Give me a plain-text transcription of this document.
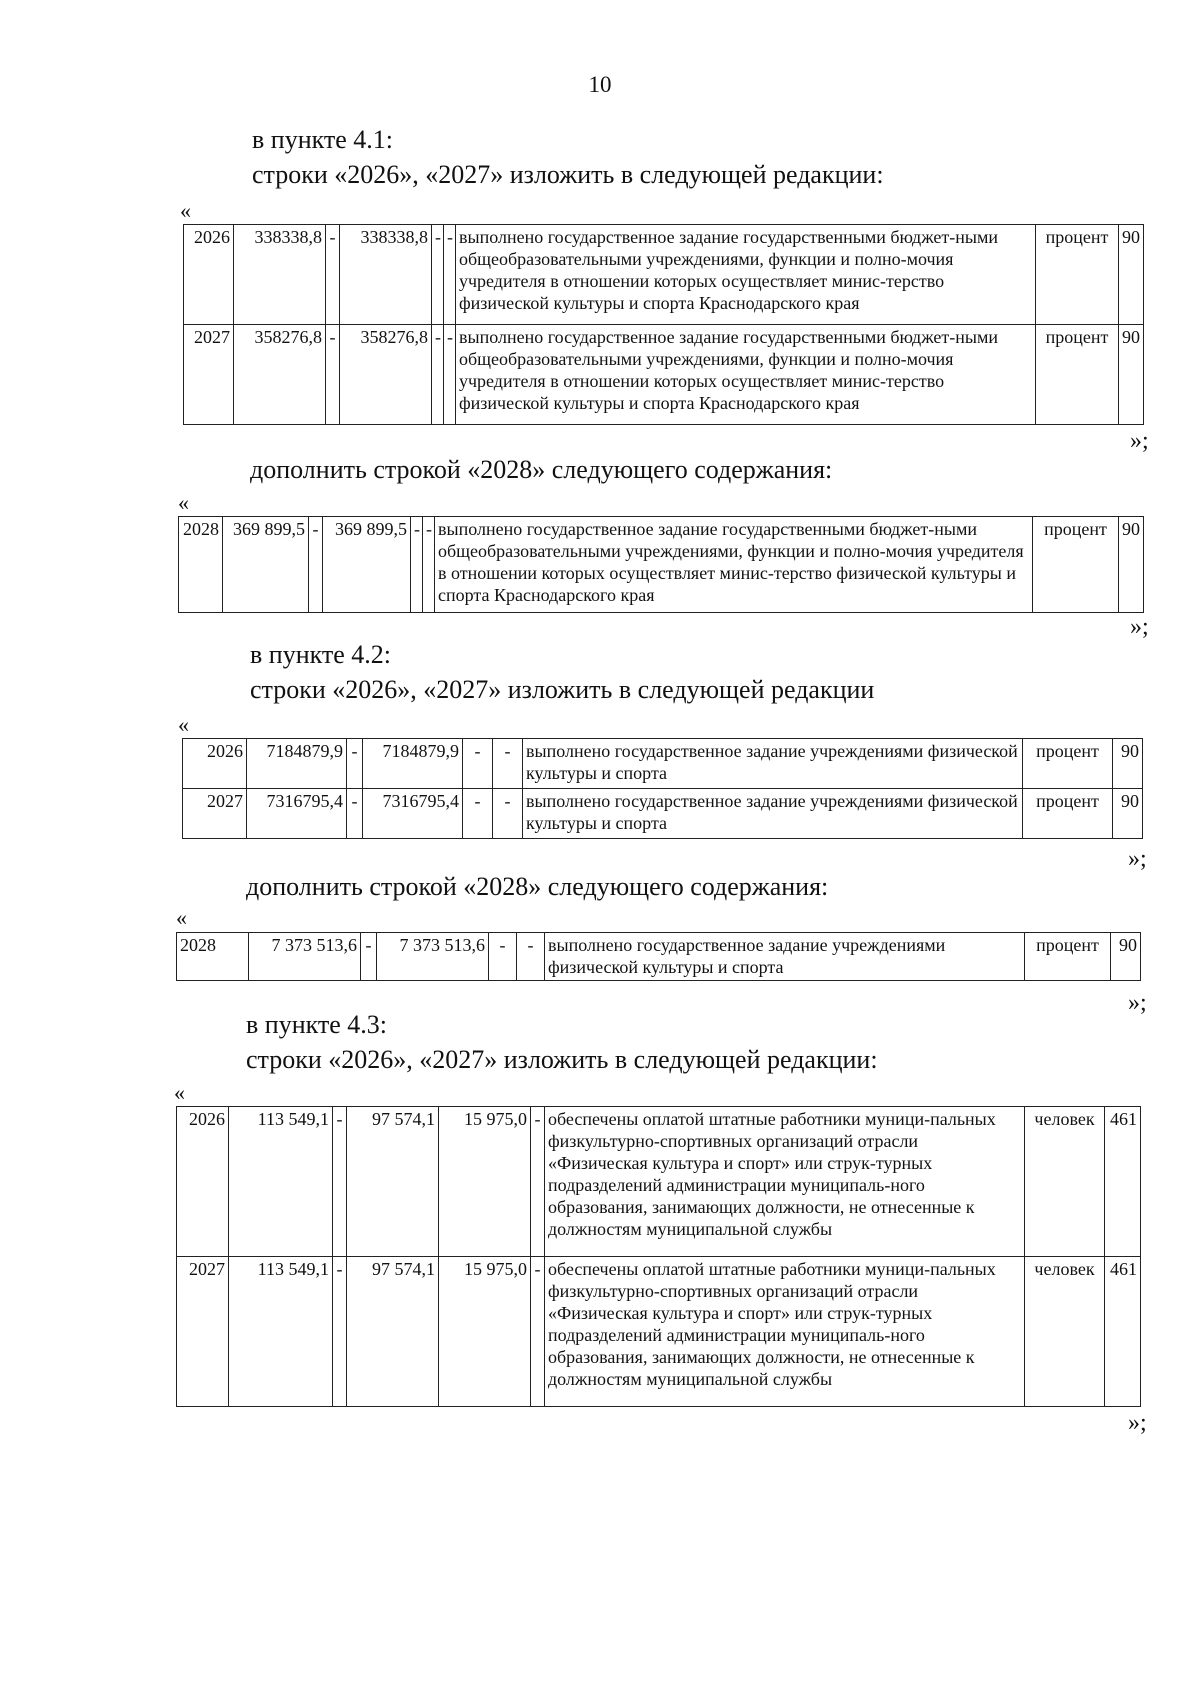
10
в пункте 4.1:
строки «2026», «2027» изложить в следующей редакции:
«
2026	338338,8	-	338338,8	-	-	выполнено государственное задание государственными бюджет-ными общеобразовательными учреждениями, функции и полно-мочия учредителя в отношении которых осуществляет минис-терство физической культуры и спорта Краснодарского края	процент	90
2027	358276,8	-	358276,8	-	-	выполнено государственное задание государственными бюджет-ными общеобразовательными учреждениями, функции и полно-мочия учредителя в отношении которых осуществляет минис-терство физической культуры и спорта Краснодарского края	процент	90
»;
дополнить строкой «2028» следующего содержания:
«
2028	369 899,5	-	369 899,5	-	-	выполнено государственное задание государственными бюджет-ными общеобразовательными учреждениями, функции и полно-мочия учредителя в отношении которых осуществляет минис-терство физической культуры и спорта Краснодарского края	процент	90
»;
в пункте 4.2:
строки «2026», «2027» изложить в следующей редакции
«
2026	7184879,9	-	7184879,9	-	-	выполнено государственное задание учреждениями физической культуры и спорта	процент	90
2027	7316795,4	-	7316795,4	-	-	выполнено государственное задание учреждениями физической культуры и спорта	процент	90
»;
дополнить строкой «2028» следующего содержания:
«
2028	7 373 513,6	-	7 373 513,6	-	-	выполнено государственное задание учреждениями физической культуры и спорта	процент	90
»;
в пункте 4.3:
строки «2026», «2027» изложить в следующей редакции:
«
2026	113 549,1	-	97 574,1	15 975,0	-	обеспечены оплатой штатные работники муници-пальных физкультурно-спортивных организаций отрасли «Физическая культура и спорт» или струк-турных подразделений администрации муниципаль-ного образования, занимающих должности, не отнесенные к должностям муниципальной службы	человек	461
2027	113 549,1	-	97 574,1	15 975,0	-	обеспечены оплатой штатные работники муници-пальных физкультурно-спортивных организаций отрасли «Физическая культура и спорт» или струк-турных подразделений администрации муниципаль-ного образования, занимающих должности, не отнесенные к должностям муниципальной службы	человек	461
»;
